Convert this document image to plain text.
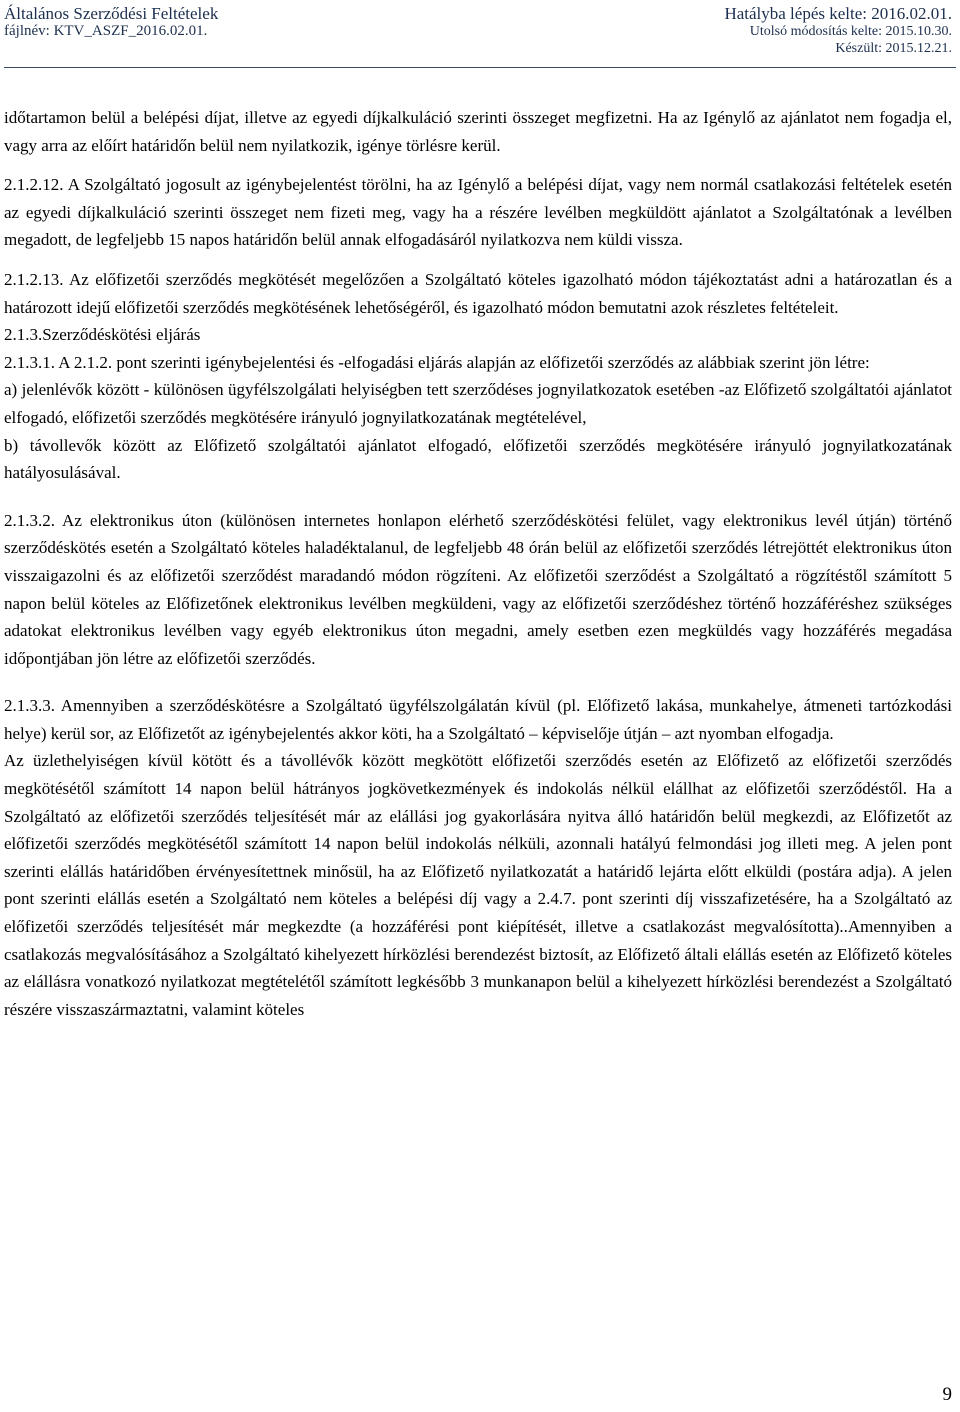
Általános Szerződési Feltételek
fájlnév: KTV_ASZF_2016.02.01.
Hatályba lépés kelte: 2016.02.01.
Utolsó módosítás kelte: 2015.10.30.
Készült: 2015.12.21.

időtartamon belül a belépési díjat, illetve az egyedi díjkalkuláció szerinti összeget megfizetni. Ha az Igénylő az ajánlatot nem fogadja el, vagy arra az előírt határidőn belül nem nyilatkozik, igénye törlésre kerül.

2.1.2.12. A Szolgáltató jogosult az igénybejelentést törölni, ha az Igénylő a belépési díjat, vagy nem normál csatlakozási feltételek esetén az egyedi díjkalkuláció szerinti összeget nem fizeti meg, vagy ha a részére levélben megküldött ajánlatot a Szolgáltatónak a levélben megadott, de legfeljebb 15 napos határidőn belül annak elfogadásáról nyilatkozva nem küldi vissza.

2.1.2.13. Az előfizetői szerződés megkötését megelőzően a Szolgáltató köteles igazolható módon tájékoztatást adni a határozatlan és a határozott idejű előfizetői szerződés megkötésének lehetőségéről, és igazolható módon bemutatni azok részletes feltételeit.

2.1.3.Szerződéskötési eljárás

2.1.3.1. A 2.1.2. pont szerinti igénybejelentési és -elfogadási eljárás alapján az előfizetői szerződés az alábbiak szerint jön létre:

a) jelenlévők között - különösen ügyfélszolgálati helyiségben tett szerződéses jognyilatkozatok esetében -az Előfizető szolgáltatói ajánlatot elfogadó, előfizetői szerződés megkötésére irányuló jognyilatkozatának megtételével,

b) távollevők között az Előfizető szolgáltatói ajánlatot elfogadó, előfizetői szerződés megkötésére irányuló jognyilatkozatának hatályosulásával.

2.1.3.2. Az elektronikus úton (különösen internetes honlapon elérhető szerződéskötési felület, vagy elektronikus levél útján) történő szerződéskötés esetén a Szolgáltató köteles haladéktalanul, de legfeljebb 48 órán belül az előfizetői szerződés létrejöttét elektronikus úton visszaigazolni és az előfizetői szerződést maradandó módon rögzíteni. Az előfizetői szerződést a Szolgáltató a rögzítéstől számított 5 napon belül köteles az Előfizetőnek elektronikus levélben megküldeni, vagy az előfizetői szerződéshez történő hozzáféréshez szükséges adatokat elektronikus levélben vagy egyéb elektronikus úton megadni, amely esetben ezen megküldés vagy hozzáférés megadása időpontjában jön létre az előfizetői szerződés.

2.1.3.3. Amennyiben a szerződéskötésre a Szolgáltató ügyfélszolgálatán kívül (pl. Előfizető lakása, munkahelye, átmeneti tartózkodási helye) kerül sor, az Előfizetőt az igénybejelentés akkor köti, ha a Szolgáltató – képviselője útján – azt nyomban elfogadja.

Az üzlethelyiségen kívül kötött és a távollévők között megkötött előfizetői szerződés esetén az Előfizető az előfizetői szerződés megkötésétől számított 14 napon belül hátrányos jogkövetkezmények és indokolás nélkül elállhat az előfizetői szerződéstől. Ha a Szolgáltató az előfizetői szerződés teljesítését már az elállási jog gyakorlására nyitva álló határidőn belül megkezdi, az Előfizetőt az előfizetői szerződés megkötésétől számított 14 napon belül indokolás nélküli, azonnali hatályú felmondási jog illeti meg. A jelen pont szerinti elállás határidőben érvényesítettnek minősül, ha az Előfizető nyilatkozatát a határidő lejárta előtt elküldi (postára adja). A jelen pont szerinti elállás esetén a Szolgáltató nem köteles a belépési díj vagy a 2.4.7. pont szerinti díj visszafizetésére, ha a Szolgáltató az előfizetői szerződés teljesítését már megkezdte (a hozzáférési pont kiépítését, illetve a csatlakozást megvalósította)..Amennyiben a csatlakozás megvalósításához a Szolgáltató kihelyezett hírközlési berendezést biztosít, az Előfizető általi elállás esetén az Előfizető köteles az elállásra vonatkozó nyilatkozat megtételétől számított legkésőbb 3 munkanapon belül a kihelyezett hírközlési berendezést a Szolgáltató részére visszaszármaztatni, valamint köteles

9
